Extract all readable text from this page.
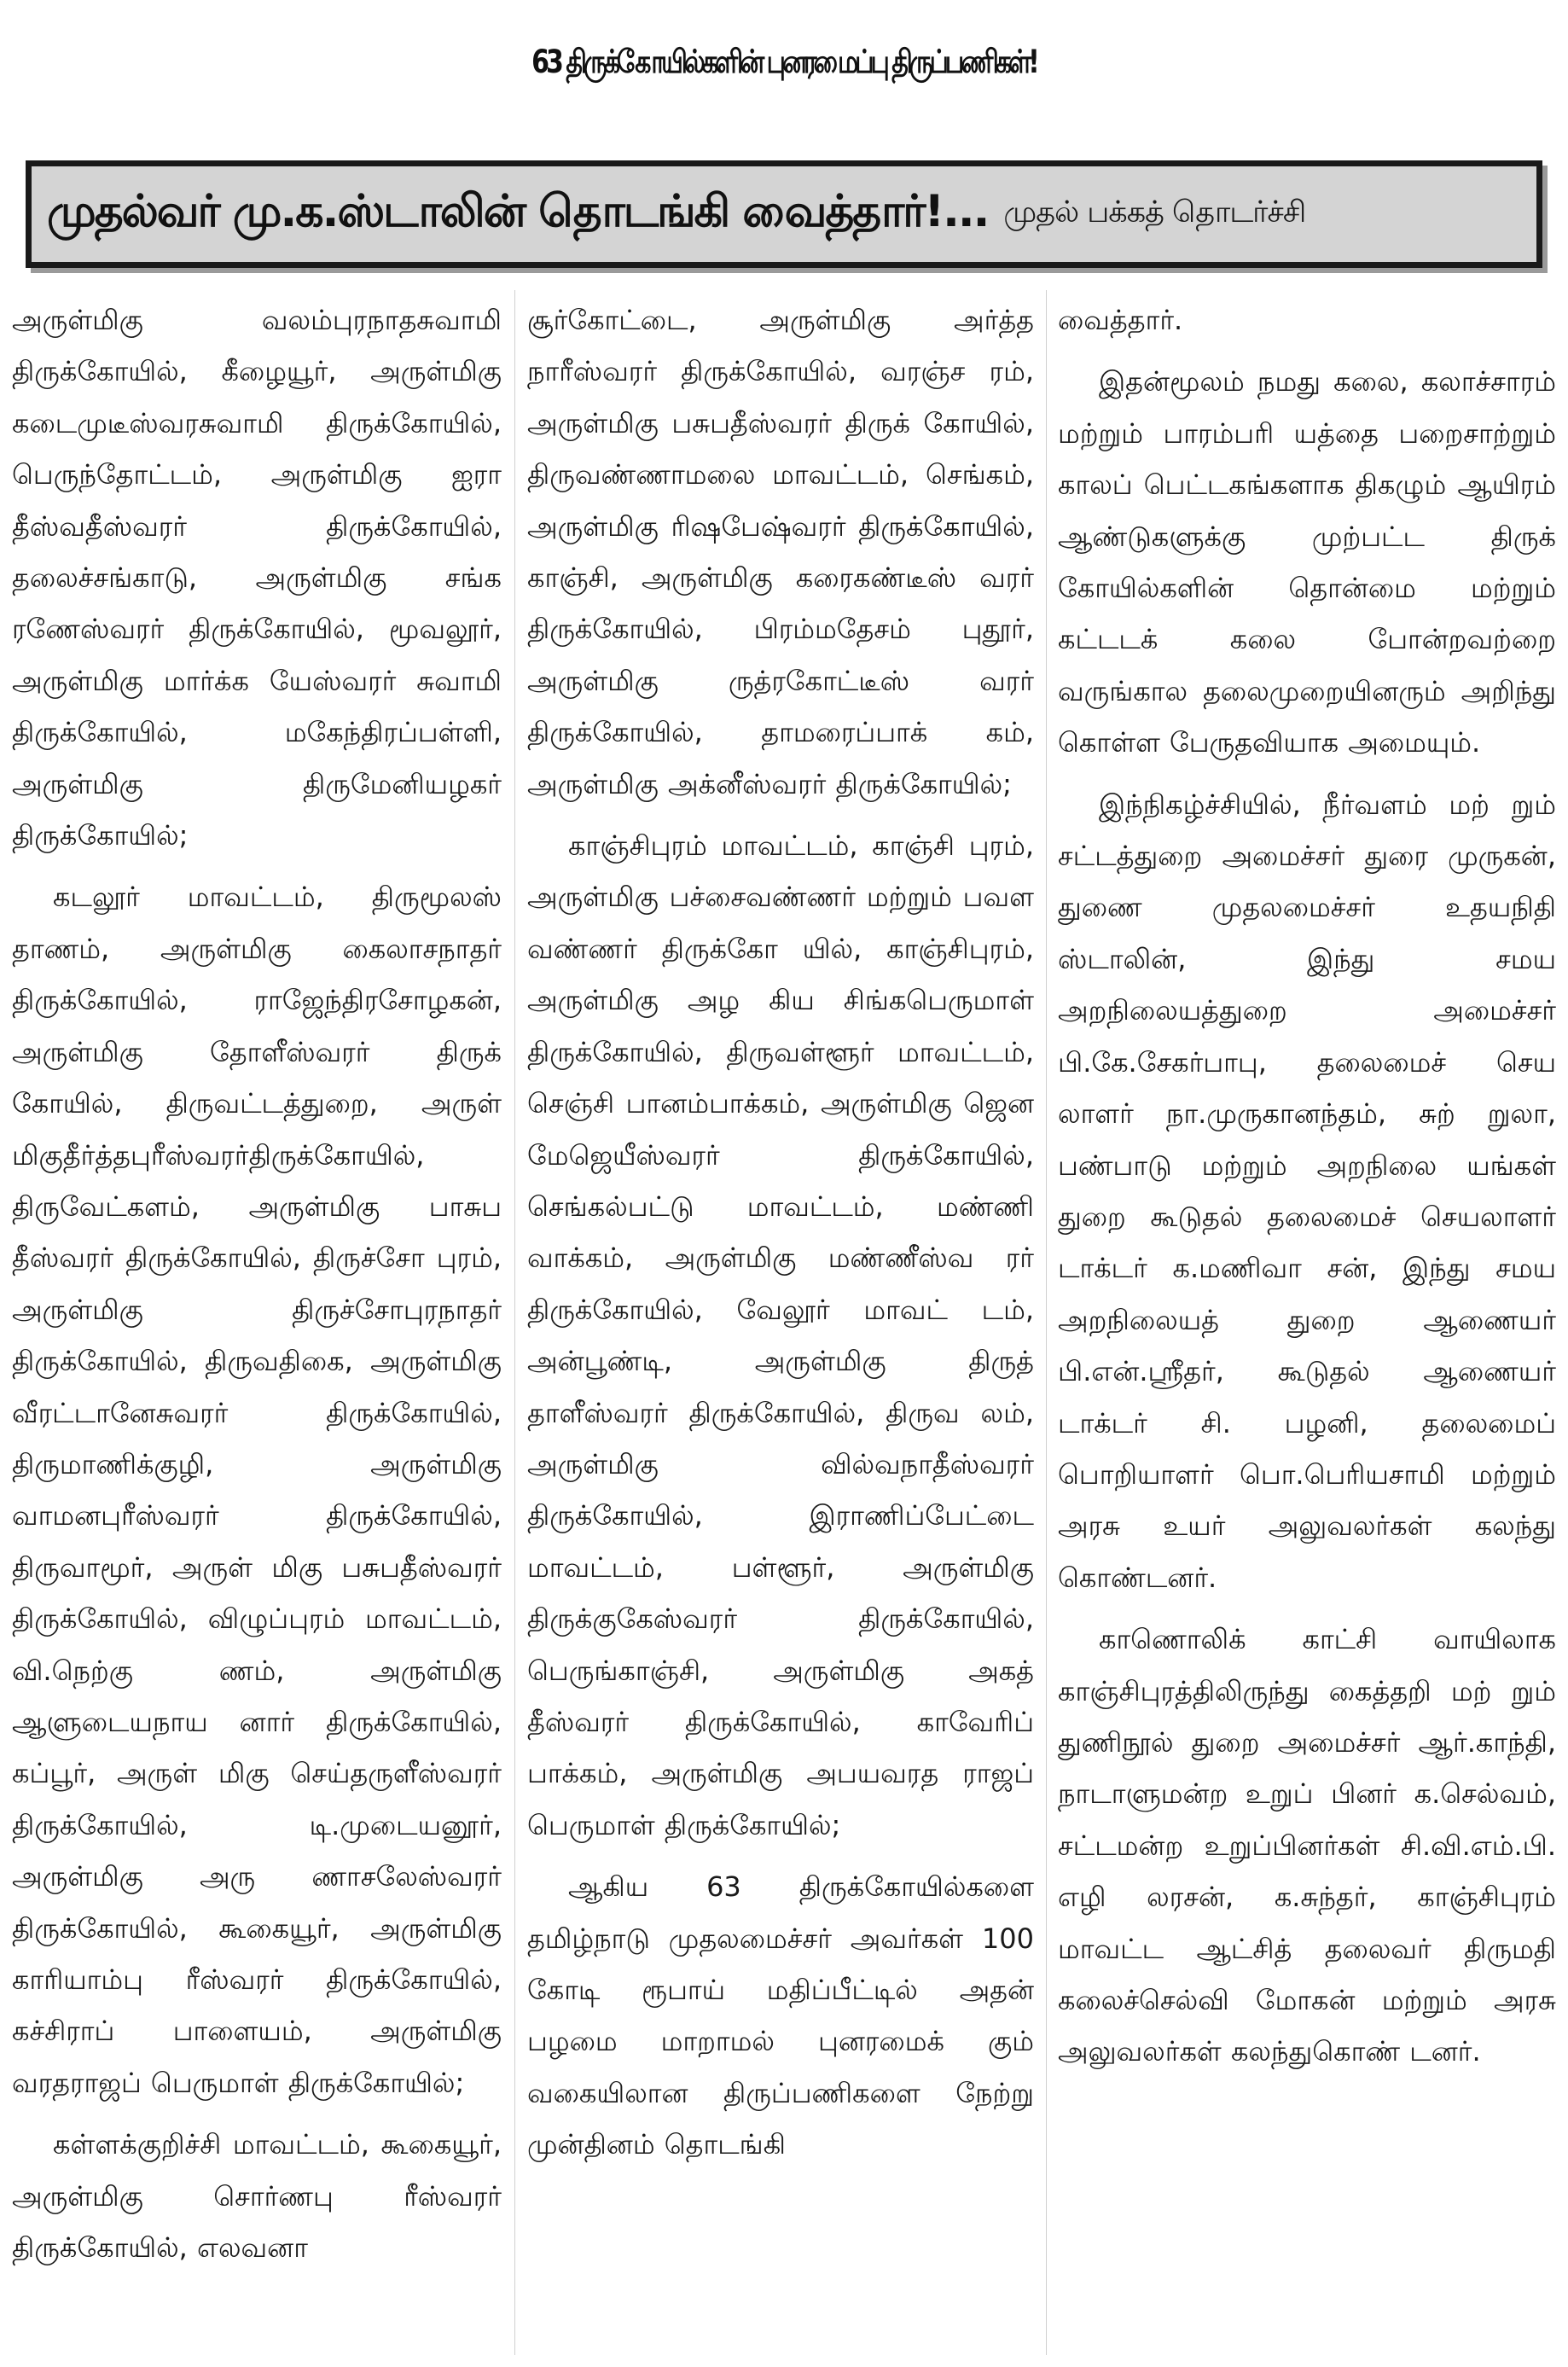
63 திருக்கோயில்களின் புனரமைப்பு திருப்பணிகள்!
முதல்வர் மு.க.ஸ்டாலின் தொடங்கி வைத்தார்!... முதல் பக்கத் தொடர்ச்சி

அருள்மிகு வலம்புரநாதசுவாமி திருக்கோயில், கீழையூர், அருள்மிகு கடைமுடீஸ்வரசுவாமி திருக்கோயில், பெருந்தோட்டம், அருள்மிகு ஐரா தீஸ்வதீஸ்வரர் திருக்கோயில், தலைச்சங்காடு, அருள்மிகு சங்க ரணேஸ்வரர் திருக்கோயில், மூவலூர், அருள்மிகு மார்க்க யேஸ்வரர் சுவாமி திருக்கோயில், மகேந்திரப்பள்ளி, அருள்மிகு திருமேனியழகர் திருக்கோயில்;

கடலூர் மாவட்டம், திருமூலஸ் தாணம், அருள்மிகு கைலாசநாதர் திருக்கோயில், ராஜேந்திரசோழகன், அருள்மிகு தோளீஸ்வரர் திருக் கோயில், திருவட்டத்துறை, அருள் மிகுதீர்த்தபுரீஸ்வரர்திருக்கோயில், திருவேட்களம், அருள்மிகு பாசுப தீஸ்வரர் திருக்கோயில், திருச்சோ புரம், அருள்மிகு திருச்சோபுரநாதர் திருக்கோயில், திருவதிகை, அருள்மிகு வீரட்டானேசுவரர் திருக்கோயில், திருமாணிக்குழி, அருள்மிகு வாமனபுரீஸ்வரர் திருக்கோயில், திருவாமூர், அருள் மிகு பசுபதீஸ்வரர் திருக்கோயில், விழுப்புரம் மாவட்டம், வி.நெற்கு ணம், அருள்மிகு ஆளுடையநாய னார் திருக்கோயில், கப்பூர், அருள் மிகு செய்தருளீஸ்வரர் திருக்கோயில், டி.முடையனூர், அருள்மிகு அரு ணாசலேஸ்வரர் திருக்கோயில், கூகையூர், அருள்மிகு காரியாம்பு ரீஸ்வரர் திருக்கோயில், கச்சிராப் பாளையம், அருள்மிகு வரதராஜப் பெருமாள் திருக்கோயில்;

கள்ளக்குறிச்சி மாவட்டம், கூகையூர், அருள்மிகு சொர்ணபு ரீஸ்வரர் திருக்கோயில், எலவனா

சூர்கோட்டை, அருள்மிகு அர்த்த நாரீஸ்வரர் திருக்கோயில், வரஞ்ச ரம், அருள்மிகு பசுபதீஸ்வரர் திருக் கோயில், திருவண்ணாமலை மாவட்டம், செங்கம், அருள்மிகு ரிஷபேஷ்வரர் திருக்கோயில், காஞ்சி, அருள்மிகு கரைகண்டீஸ் வரர் திருக்கோயில், பிரம்மதேசம் புதூர், அருள்மிகு ருத்ரகோட்டீஸ் வரர் திருக்கோயில், தாமரைப்பாக் கம், அருள்மிகு அக்னீஸ்வரர் திருக்கோயில்;

காஞ்சிபுரம் மாவட்டம், காஞ்சி புரம், அருள்மிகு பச்சைவண்ணர் மற்றும் பவள வண்ணர் திருக்கோ யில், காஞ்சிபுரம், அருள்மிகு அழ கிய சிங்கபெருமாள் திருக்கோயில், திருவள்ளூர் மாவட்டம், செஞ்சி பானம்பாக்கம், அருள்மிகு ஜென மேஜெயீஸ்வரர் திருக்கோயில், செங்கல்பட்டு மாவட்டம், மண்ணி வாக்கம், அருள்மிகு மண்ணீஸ்வ ரர் திருக்கோயில், வேலூர் மாவட் டம், அன்பூண்டி, அருள்மிகு திருத் தாளீஸ்வரர் திருக்கோயில், திருவ லம், அருள்மிகு வில்வநாதீஸ்வரர் திருக்கோயில், இராணிப்பேட்டை மாவட்டம், பள்ளூர், அருள்மிகு திருக்குகேஸ்வரர் திருக்கோயில், பெருங்காஞ்சி, அருள்மிகு அகத் தீஸ்வரர் திருக்கோயில், காவேரிப் பாக்கம், அருள்மிகு அபயவரத ராஜப் பெருமாள் திருக்கோயில்;

ஆகிய 63 திருக்கோயில்களை தமிழ்நாடு முதலமைச்சர் அவர்கள் 100 கோடி ரூபாய் மதிப்பீட்டில் அதன் பழமை மாறாமல் புனரமைக் கும் வகையிலான திருப்பணிகளை நேற்று முன்தினம் தொடங்கி

வைத்தார்.

இதன்மூலம் நமது கலை, கலாச்சாரம் மற்றும் பாரம்பரி யத்தை பறைசாற்றும் காலப் பெட்டகங்களாக திகழும் ஆயிரம் ஆண்டுகளுக்கு முற்பட்ட திருக் கோயில்களின் தொன்மை மற்றும் கட்டடக் கலை போன்றவற்றை வருங்கால தலைமுறையினரும் அறிந்து கொள்ள பேருதவியாக அமையும்.

இந்நிகழ்ச்சியில், நீர்வளம் மற் றும் சட்டத்துறை அமைச்சர் துரை முருகன், துணை முதலமைச்சர் உதயநிதி ஸ்டாலின், இந்து சமய அறநிலையத்துறை அமைச்சர் பி.கே.சேகர்பாபு, தலைமைச் செய லாளர் நா.முருகானந்தம், சுற் றுலா, பண்பாடு மற்றும் அறநிலை யங்கள் துறை கூடுதல் தலைமைச் செயலாளர் டாக்டர் க.மணிவா சன், இந்து சமய அறநிலையத் துறை ஆணையர் பி.என்.ஸ்ரீதர், கூடுதல் ஆணையர் டாக்டர் சி. பழனி, தலைமைப் பொறியாளர் பொ.பெரியசாமி மற்றும் அரசு உயர் அலுவலர்கள் கலந்து கொண்டனர்.

காணொலிக் காட்சி வாயிலாக காஞ்சிபுரத்திலிருந்து கைத்தறி மற் றும் துணிநூல் துறை அமைச்சர் ஆர்.காந்தி, நாடாளுமன்ற உறுப் பினர் க.செல்வம், சட்டமன்ற உறுப்பினர்கள் சி.வி.எம்.பி. எழி லரசன், க.சுந்தர், காஞ்சிபுரம் மாவட்ட ஆட்சித் தலைவர் திருமதி கலைச்செல்வி மோகன் மற்றும் அரசு அலுவலர்கள் கலந்துகொண் டனர்.
